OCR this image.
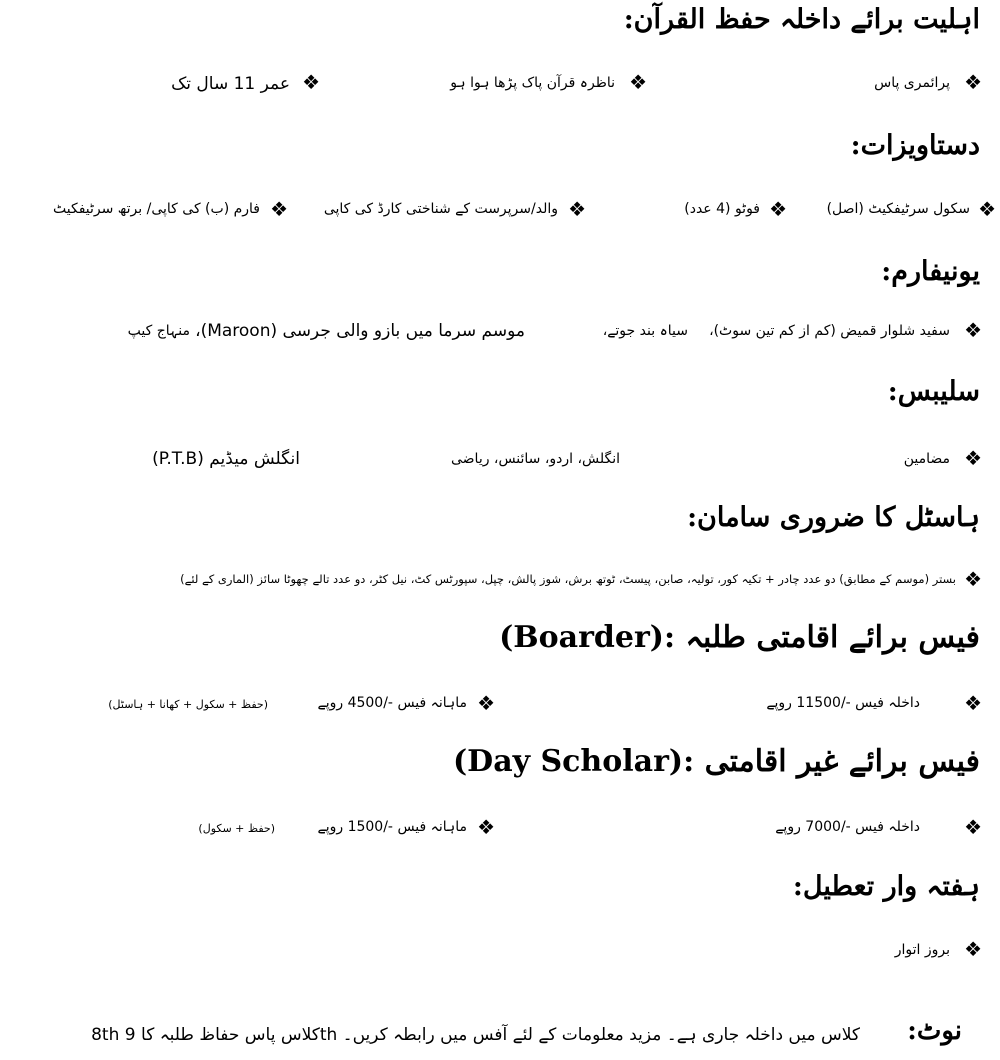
اہلیت برائے داخلہ حفظ القرآن:
❖
پرائمری پاس
❖
ناظرہ قرآن پاک پڑھا ہوا ہو
❖
عمر 11 سال تک
دستاویزات:
❖
سکول سرٹیفکیٹ (اصل)
❖
فوٹو (4 عدد)
❖
والد/سرپرست کے شناختی کارڈ کی کاپی
❖
فارم (ب) کی کاپی/ برتھ سرٹیفکیٹ
یونیفارم:
❖
سفید شلوار قمیض (کم از کم تین سوٹ)،
سیاہ بند جوتے،
موسم سرما میں بازو والی جرسی (Maroon)،
منہاج کیپ
سلیبس:
❖
مضامین
انگلش، اردو، سائنس، ریاضی
انگلش میڈیم (P.T.B)
ہاسٹل کا ضروری سامان:
❖
بستر (موسم کے مطابق) دو عدد چادر + تکیہ کور، تولیہ، صابن، پیسٹ، ٹوتھ برش، شوز پالش، چپل، سپورٹس کٹ، نیل کٹر، دو عدد تالے چھوٹا سائز (الماری کے لئے)
فیس برائے اقامتی طلبہ :(Boarder)
❖
داخلہ فیس -/11500 روپے
❖
ماہانہ فیس -/4500 روپے
(حفظ + سکول + کھانا + ہاسٹل)
فیس برائے غیر اقامتی :(Day Scholar)
❖
داخلہ فیس -/7000 روپے
❖
ماہانہ فیس -/1500 روپے
(حفظ + سکول)
ہفتہ وار تعطیل:
❖
بروز اتوار
نوٹ:
8th کلاس پاس حفاظ طلبہ کا 9th کلاس میں داخلہ جاری ہے۔ مزید معلومات کے لئے آفس میں رابطہ کریں۔
